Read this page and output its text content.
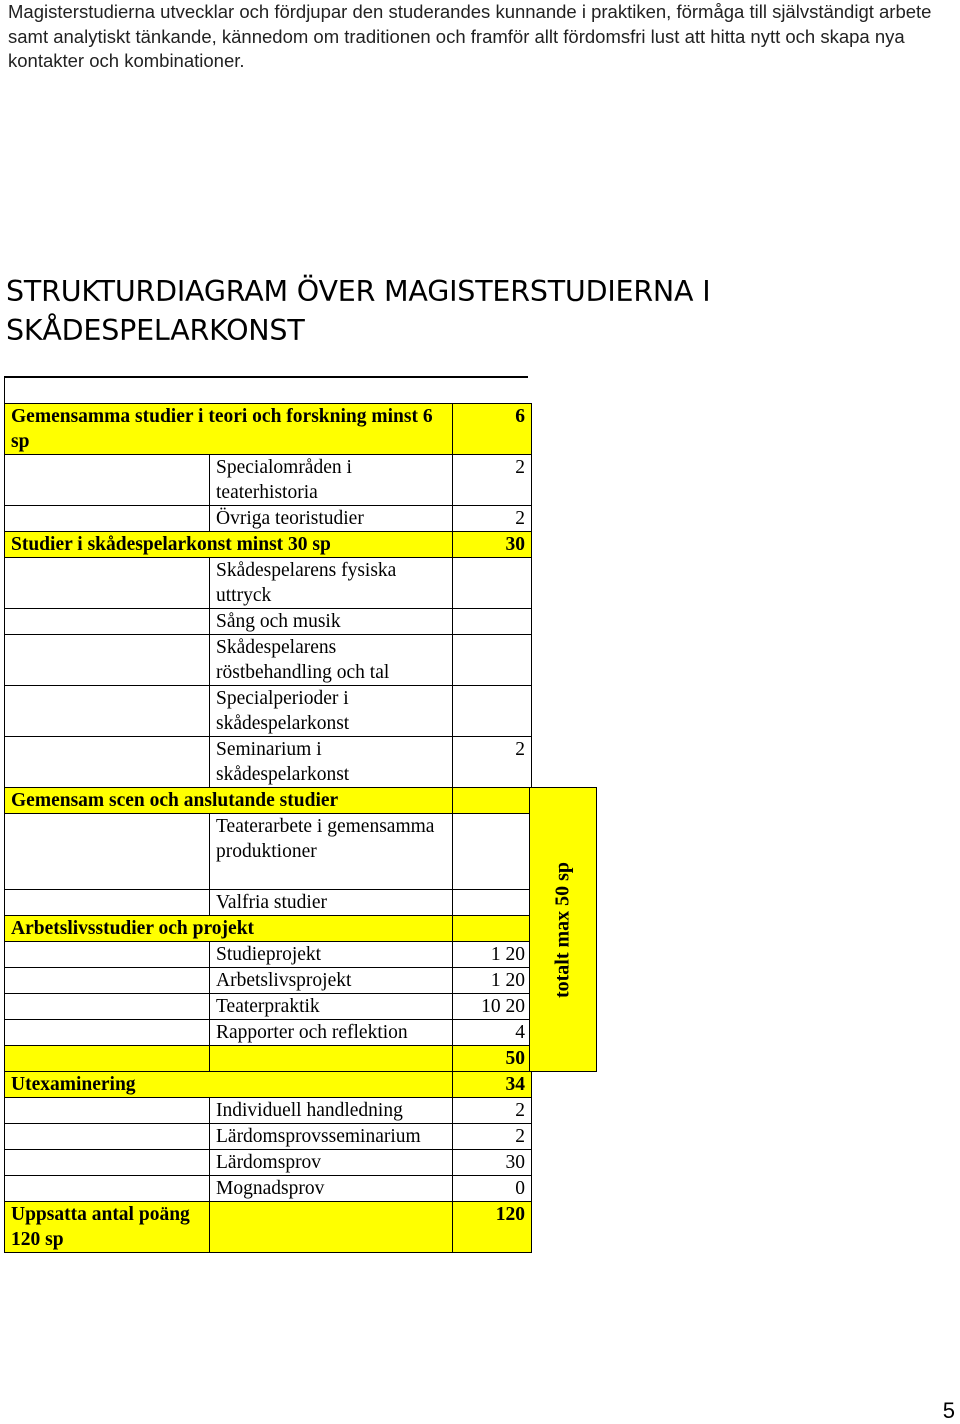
Magisterstudierna utvecklar och fördjupar den studerandes kunnande i praktiken, förmåga till självständigt arbete samt analytiskt tänkande, kännedom om traditionen och framför allt fördomsfri lust att hitta nytt och skapa nya kontakter och kombinationer.
STRUKTURDIAGRAM ÖVER MAGISTERSTUDIERNA I SKÅDESPELARKONST
Gemensamma studier i teori och forskning minst 6 sp		6
	Specialområden i teaterhistoria	2
	Övriga teoristudier	2
Studier i skådespelarkonst minst 30 sp		30
	Skådespelarens fysiska uttryck	
	Sång och musik	
	Skådespelarens röstbehandling och tal	
	Specialperioder i skådespelarkonst	
	Seminarium i skådespelarkonst	2
Gemensam scen och anslutande studier		
	Teaterarbete i gemensamma produktioner	
	Valfria studier	
Arbetslivsstudier och projekt		
	Studieprojekt	1 20
	Arbetslivsprojekt	1 20
	Teaterpraktik	10 20
	Rapporter och reflektion	4
		50
Utexaminering		34
	Individuell handledning	2
	Lärdomsprovsseminarium	2
	Lärdomsprov	30
	Mognadsprov	0
Uppsatta antal poäng 120 sp		120
totalt max 50 sp
5
